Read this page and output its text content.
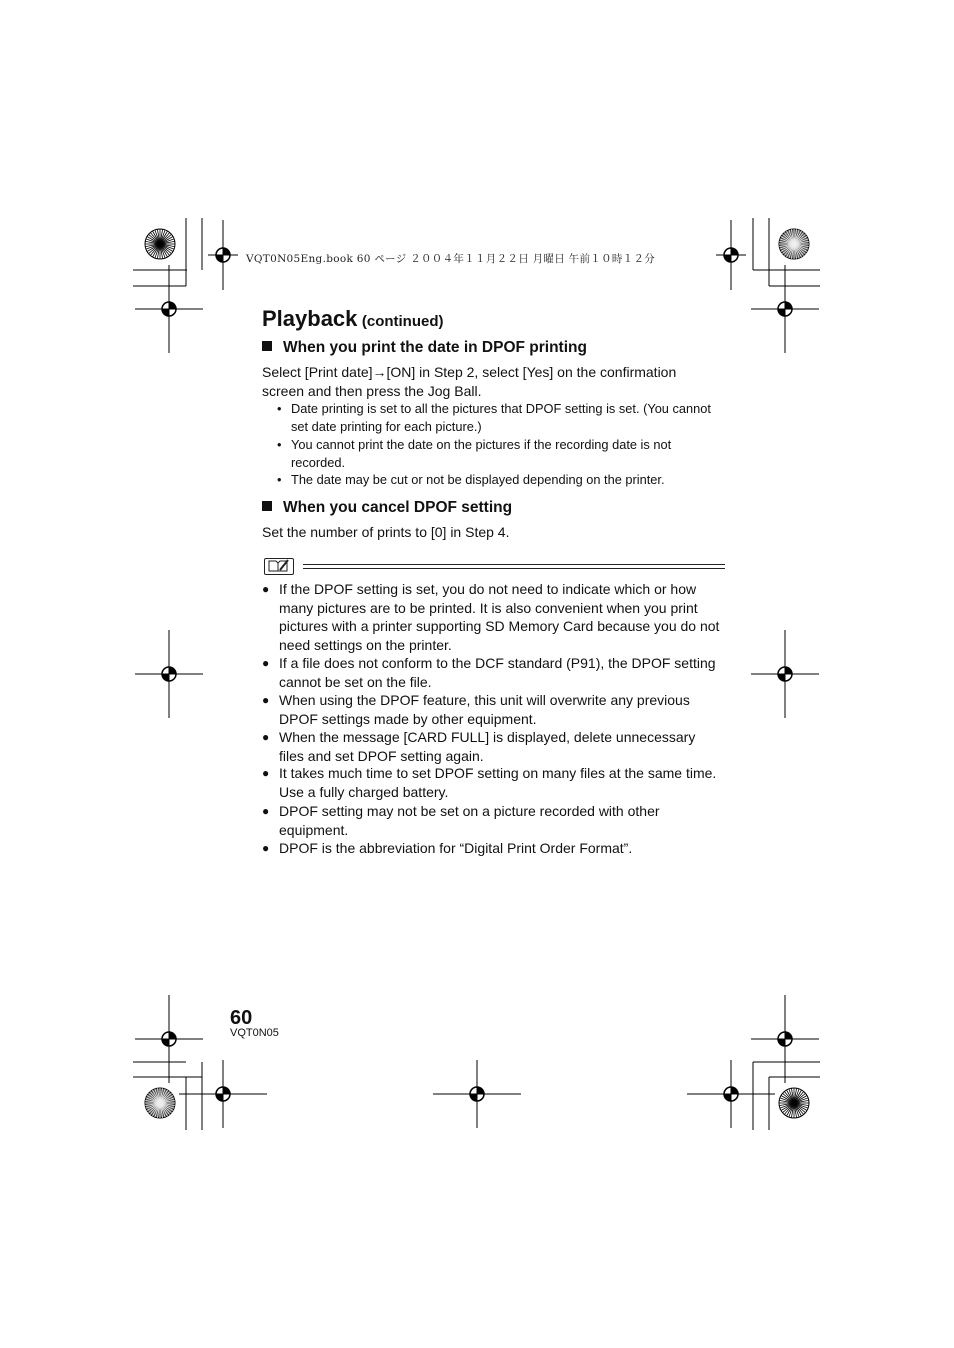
VQT0N05Eng.book 60 ページ ２００４年１１月２２日 月曜日 午前１０時１２分
Playback (continued)
When you print the date in DPOF printing
Select [Print date]→[ON] in Step 2, select [Yes] on the confirmation
screen and then press the Jog Ball.
• Date printing is set to all the pictures that DPOF setting is set. (You cannot set date printing for each picture.)
• You cannot print the date on the pictures if the recording date is not recorded.
• The date may be cut or not be displayed depending on the printer.
When you cancel DPOF setting
Set the number of prints to [0] in Step 4.
● If the DPOF setting is set, you do not need to indicate which or how many pictures are to be printed. It is also convenient when you print pictures with a printer supporting SD Memory Card because you do not need settings on the printer.
● If a file does not conform to the DCF standard (P91), the DPOF setting cannot be set on the file.
● When using the DPOF feature, this unit will overwrite any previous DPOF settings made by other equipment.
● When the message [CARD FULL] is displayed, delete unnecessary files and set DPOF setting again.
● It takes much time to set DPOF setting on many files at the same time. Use a fully charged battery.
● DPOF setting may not be set on a picture recorded with other equipment.
● DPOF is the abbreviation for “Digital Print Order Format”.
60
VQT0N05
